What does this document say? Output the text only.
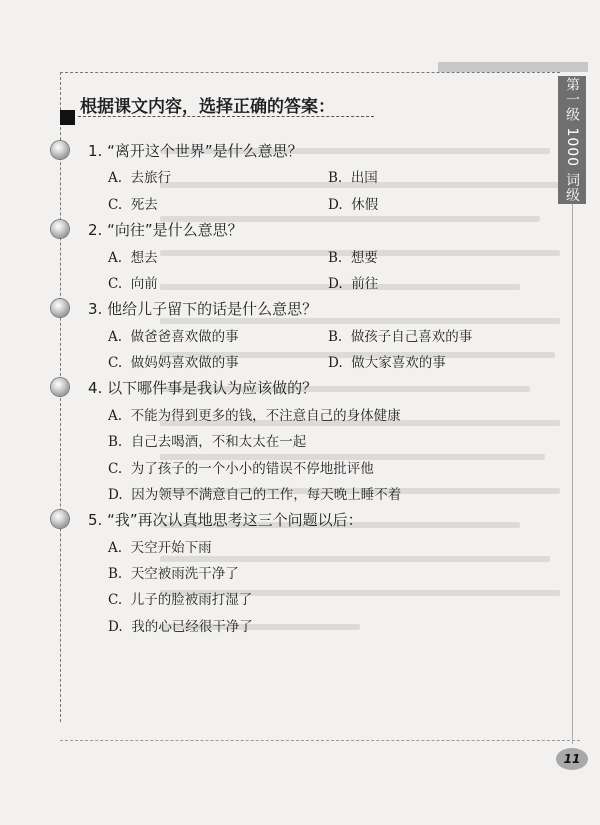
第一级 1000 词级
根据课文内容，选择正确的答案：
1. “离开这个世界”是什么意思？
A. 去旅行	B. 出国
C. 死去	D. 休假
2. “向往”是什么意思？
A. 想去	B. 想要
C. 向前	D. 前往
3. 他给儿子留下的话是什么意思？
A. 做爸爸喜欢做的事	B. 做孩子自己喜欢的事
C. 做妈妈喜欢做的事	D. 做大家喜欢的事
4. 以下哪件事是我认为应该做的？
A. 不能为得到更多的钱，不注意自己的身体健康
B. 自己去喝酒，不和太太在一起
C. 为了孩子的一个小小的错误不停地批评他
D. 因为领导不满意自己的工作，每天晚上睡不着
5. “我”再次认真地思考这三个问题以后：
A. 天空开始下雨
B. 天空被雨洗干净了
C. 儿子的脸被雨打湿了
D. 我的心已经很干净了
11
